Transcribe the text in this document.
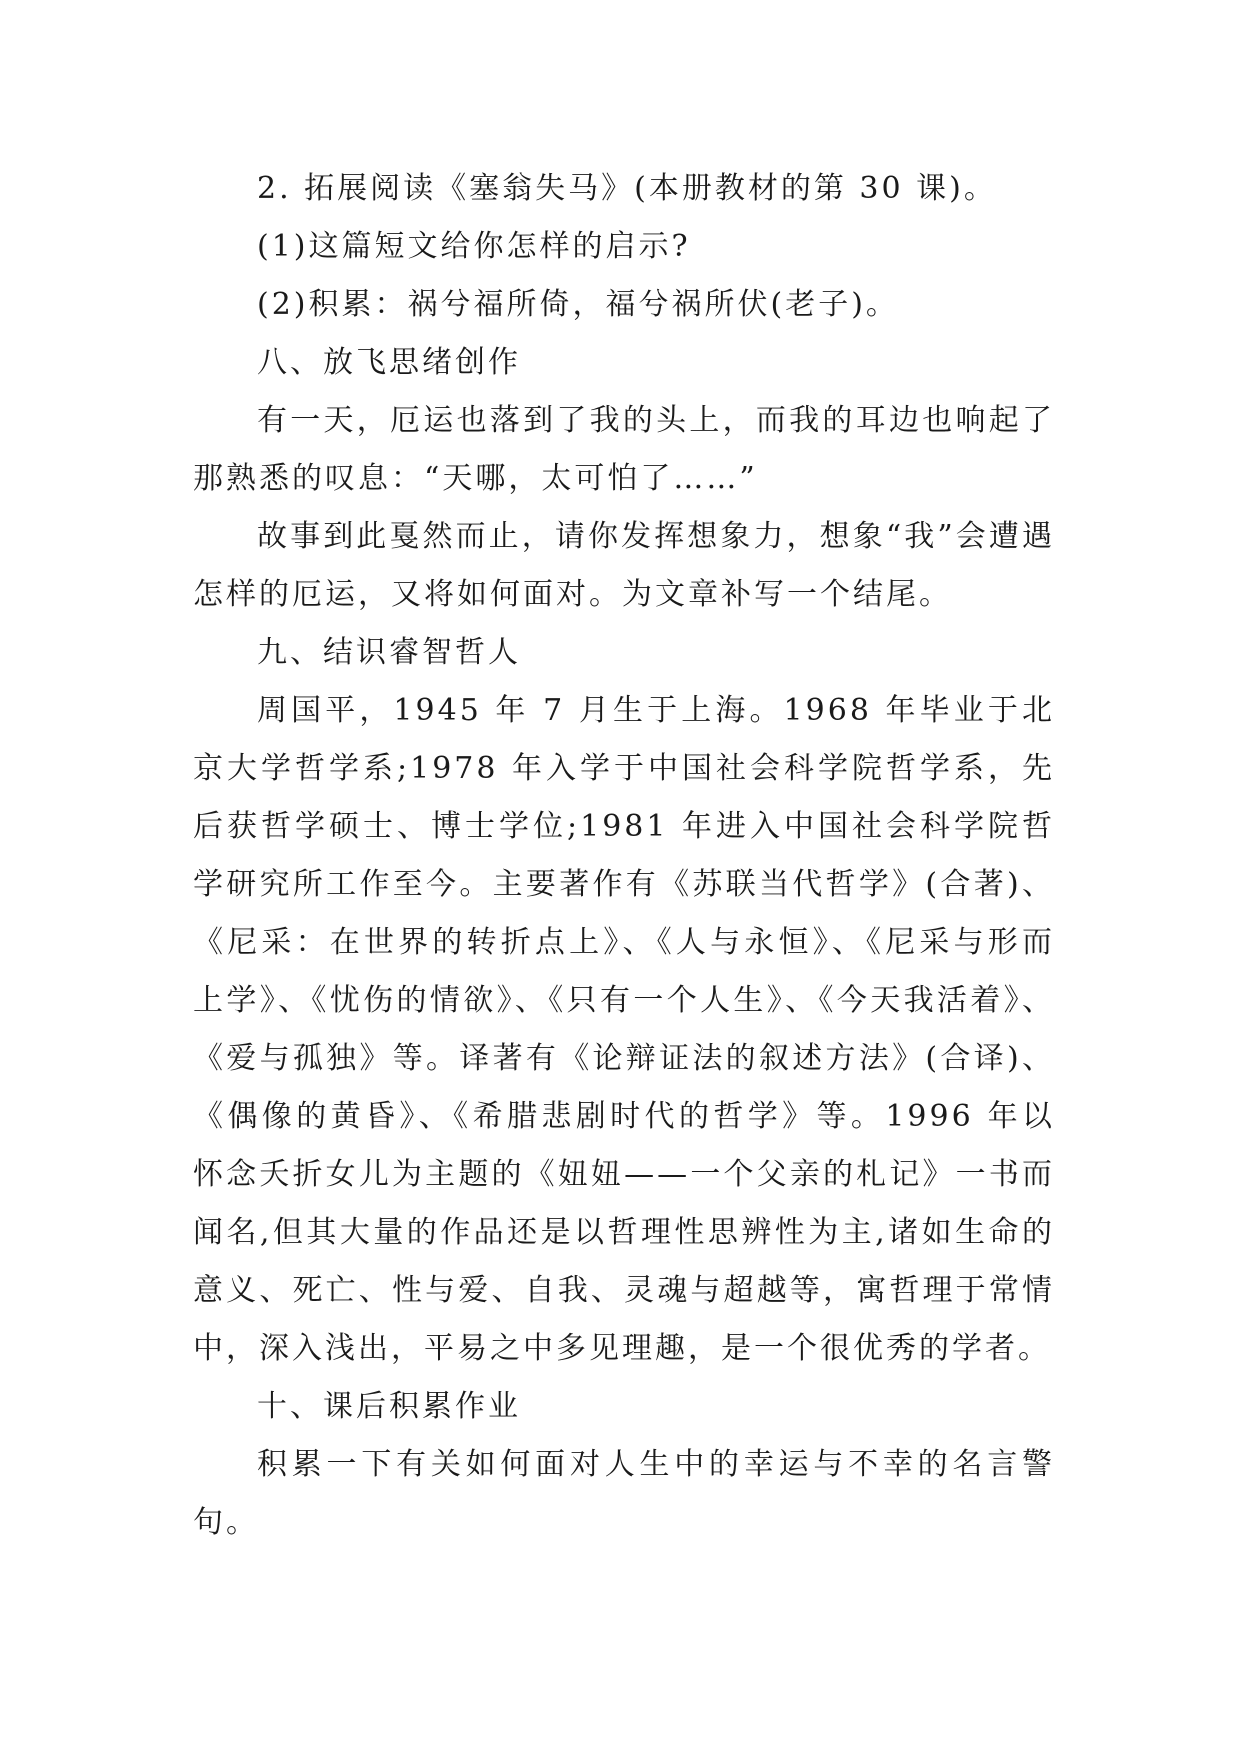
2. 拓展阅读《塞翁失马》(本册教材的第 30 课)。

(1)这篇短文给你怎样的启示?

(2)积累：祸兮福所倚，福兮祸所伏(老子)。

八、放飞思绪创作

有一天，厄运也落到了我的头上，而我的耳边也响起了那熟悉的叹息：“天哪，太可怕了……”

故事到此戛然而止，请你发挥想象力，想象“我”会遭遇怎样的厄运，又将如何面对。为文章补写一个结尾。

九、结识睿智哲人

周国平，1945 年 7 月生于上海。1968 年毕业于北京大学哲学系;1978 年入学于中国社会科学院哲学系，先后获哲学硕士、博士学位;1981 年进入中国社会科学院哲学研究所工作至今。主要著作有《苏联当代哲学》(合著)、《尼采：在世界的转折点上》、《人与永恒》、《尼采与形而上学》、《忧伤的情欲》、《只有一个人生》、《今天我活着》、《爱与孤独》等。译著有《论辩证法的叙述方法》(合译)、《偶像的黄昏》、《希腊悲剧时代的哲学》等。1996 年以怀念夭折女儿为主题的《妞妞——一个父亲的札记》一书而闻名,但其大量的作品还是以哲理性思辨性为主,诸如生命的意义、死亡、性与爱、自我、灵魂与超越等，寓哲理于常情中，深入浅出，平易之中多见理趣，是一个很优秀的学者。

十、课后积累作业

积累一下有关如何面对人生中的幸运与不幸的名言警句。
